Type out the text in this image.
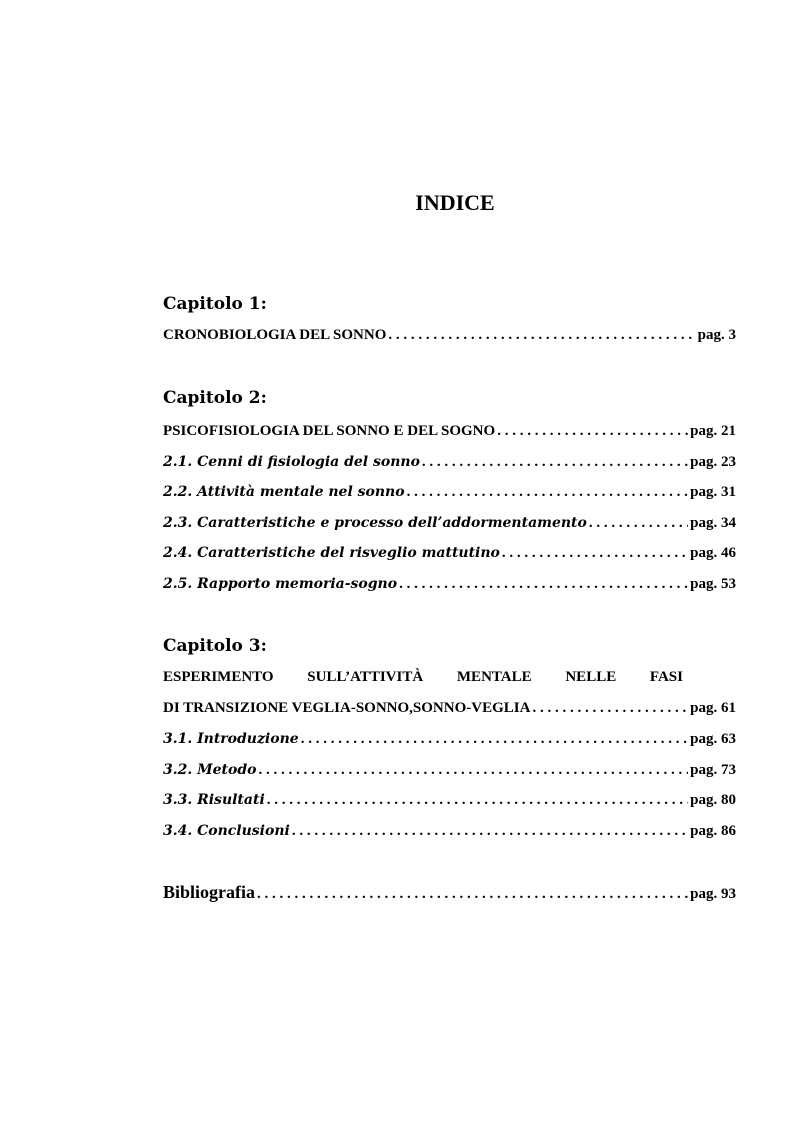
INDICE
Capitolo 1:
CRONOBIOLOGIA DEL SONNO . . .	pag. 3
Capitolo 2:
PSICOFISIOLOGIA DEL SONNO E DEL SOGNO . . .	pag. 21
2.1. Cenni di fisiologia del sonno . . .	pag. 23
2.2. Attività mentale nel sonno . . .	pag. 31
2.3. Caratteristiche e processo dell’addormentamento . . .	pag. 34
2.4. Caratteristiche del risveglio mattutino . . .	pag. 46
2.5. Rapporto memoria-sogno . . .	pag. 53
Capitolo 3:
ESPERIMENTO SULL’ATTIVITÀ MENTALE NELLE FASI
DI TRANSIZIONE VEGLIA-SONNO,SONNO-VEGLIA . . .	pag. 61
3.1. Introduzione . . .	pag. 63
3.2. Metodo . . .	pag. 73
3.3. Risultati . . .	pag. 80
3.4. Conclusioni . . .	pag. 86
Bibliografia . . .	pag. 93
